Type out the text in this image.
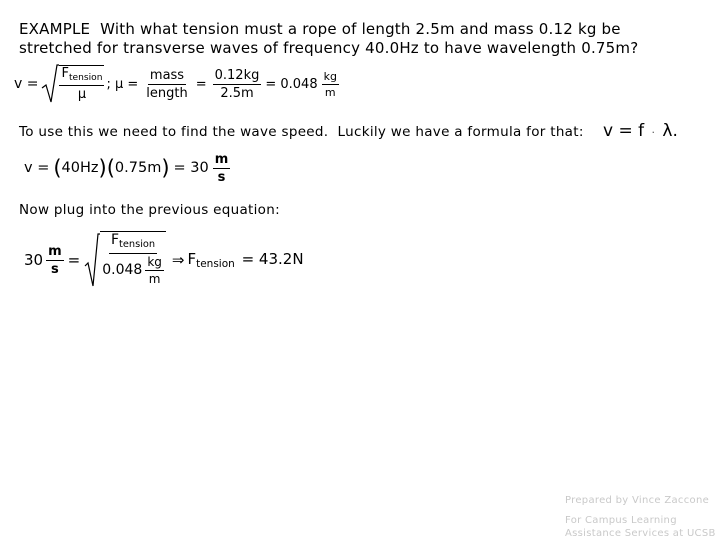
EXAMPLE  With what tension must a rope of length 2.5m and mass 0.12 kg be
stretched for transverse waves of frequency 40.0Hz to have wavelength 0.75m?
$v = \frac{F_{tension}}{\mu}$ ; $\mu = \frac{\text{mass}}{\text{length}} = \frac{0.12kg}{2.5m} = 0.048 \frac{kg}{m}$
To use this we need to find the wave speed.  Luckily we have a formula for that: v = f · λ.
v = ( 40Hz )( 0.75m ) = $30 \frac{m}{s}$
Now plug into the previous equation:
$30 \frac{m}{s} = \frac{F_{tension}}{0.048 \frac{kg}{m}}$ ⇒ $F_{tension} = 43.2N$
Prepared by Vince Zaccone
For Campus Learning
Assistance Services at UCSB
